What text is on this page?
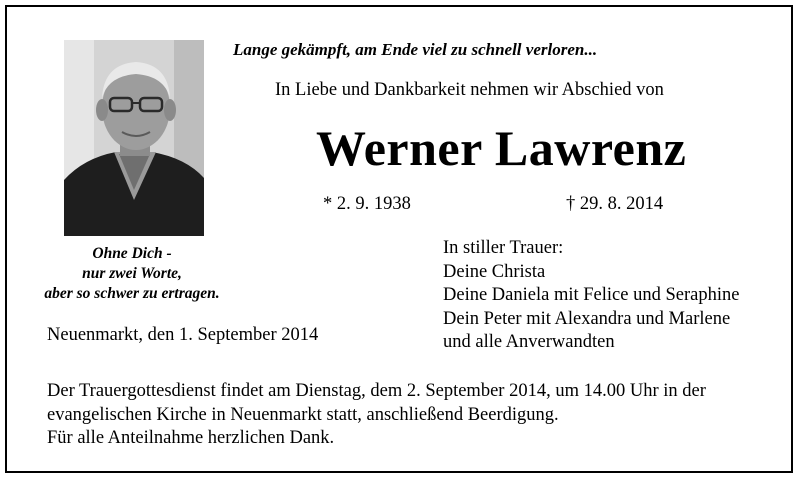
Lange gekämpft, am Ende viel zu schnell verloren...
In Liebe und Dankbarkeit nehmen wir Abschied von
Werner Lawrenz
* 2. 9. 1938	† 29. 8. 2014
Ohne Dich -
nur zwei Worte,
aber so schwer zu ertragen.
Neuenmarkt, den 1. September 2014
In stiller Trauer:
Deine Christa
Deine Daniela mit Felice und Seraphine
Dein Peter mit Alexandra und Marlene
und alle Anverwandten
Der Trauergottesdienst findet am Dienstag, dem 2. September 2014, um 14.00 Uhr in der
evangelischen Kirche in Neuenmarkt statt, anschließend Beerdigung.
Für alle Anteilnahme herzlichen Dank.
